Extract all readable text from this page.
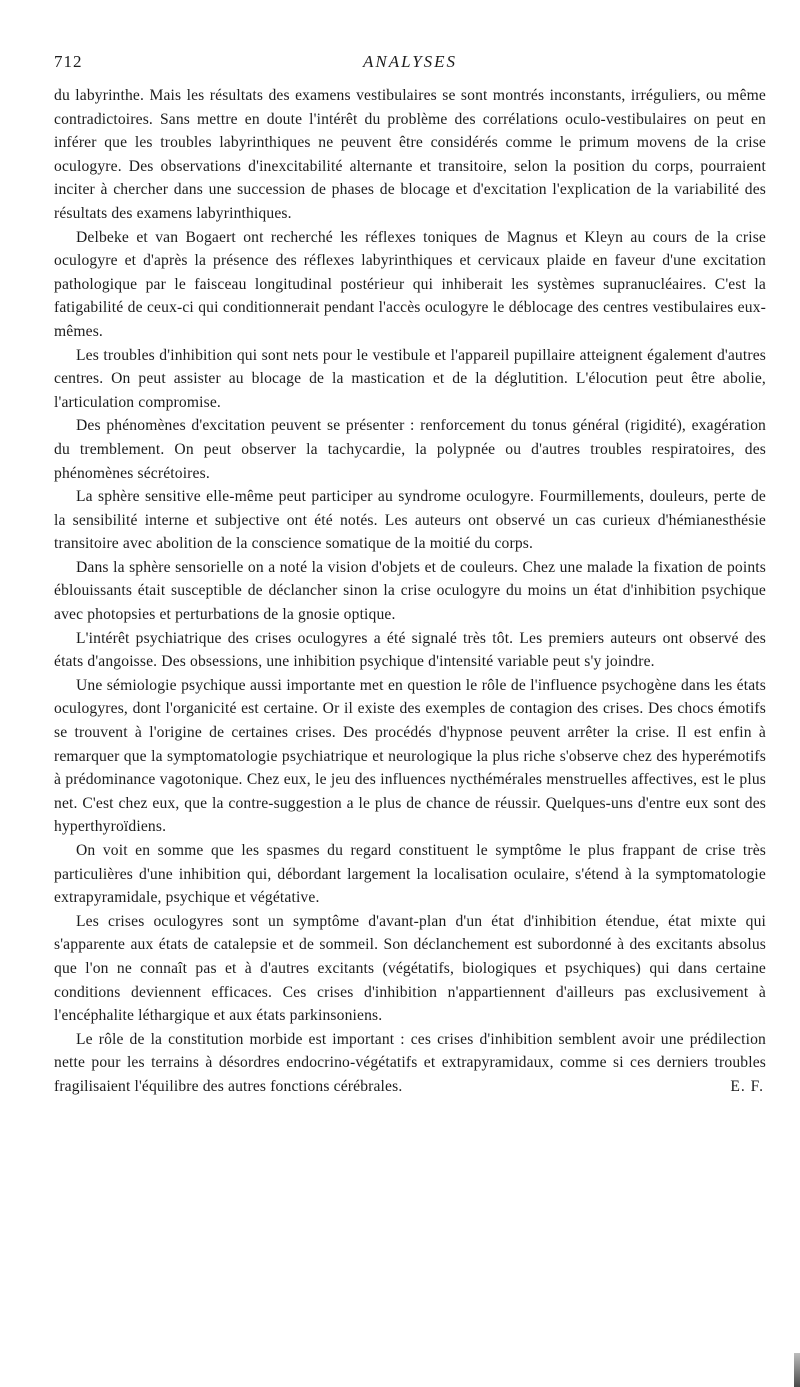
712	ANALYSES

du labyrinthe. Mais les résultats des examens vestibulaires se sont montrés inconstants, irréguliers, ou même contradictoires. Sans mettre en doute l'intérêt du problème des corrélations oculo-vestibulaires on peut en inférer que les troubles labyrinthiques ne peuvent être considérés comme le primum movens de la crise oculogyre. Des observations d'inexcitabilité alternante et transitoire, selon la position du corps, pourraient inciter à chercher dans une succession de phases de blocage et d'excitation l'explication de la variabilité des résultats des examens labyrinthiques.

Delbeke et van Bogaert ont recherché les réflexes toniques de Magnus et Kleyn au cours de la crise oculogyre et d'après la présence des réflexes labyrinthiques et cervicaux plaide en faveur d'une excitation pathologique par le faisceau longitudinal postérieur qui inhiberait les systèmes supranucléaires. C'est la fatigabilité de ceux-ci qui conditionnerait pendant l'accès oculogyre le déblocage des centres vestibulaires eux-mêmes.

Les troubles d'inhibition qui sont nets pour le vestibule et l'appareil pupillaire atteignent également d'autres centres. On peut assister au blocage de la mastication et de la déglutition. L'élocution peut être abolie, l'articulation compromise.

Des phénomènes d'excitation peuvent se présenter : renforcement du tonus général (rigidité), exagération du tremblement. On peut observer la tachycardie, la polypnée ou d'autres troubles respiratoires, des phénomènes sécrétoires.

La sphère sensitive elle-même peut participer au syndrome oculogyre. Fourmillements, douleurs, perte de la sensibilité interne et subjective ont été notés. Les auteurs ont observé un cas curieux d'hémianesthésie transitoire avec abolition de la conscience somatique de la moitié du corps.

Dans la sphère sensorielle on a noté la vision d'objets et de couleurs. Chez une malade la fixation de points éblouissants était susceptible de déclancher sinon la crise oculogyre du moins un état d'inhibition psychique avec photopsies et perturbations de la gnosie optique.

L'intérêt psychiatrique des crises oculogyres a été signalé très tôt. Les premiers auteurs ont observé des états d'angoisse. Des obsessions, une inhibition psychique d'intensité variable peut s'y joindre.

Une sémiologie psychique aussi importante met en question le rôle de l'influence psychogène dans les états oculogyres, dont l'organicité est certaine. Or il existe des exemples de contagion des crises. Des chocs émotifs se trouvent à l'origine de certaines crises. Des procédés d'hypnose peuvent arrêter la crise. Il est enfin à remarquer que la symptomatologie psychiatrique et neurologique la plus riche s'observe chez des hyperémotifs à prédominance vagotonique. Chez eux, le jeu des influences nycthémérales menstruelles affectives, est le plus net. C'est chez eux, que la contre-suggestion a le plus de chance de réussir. Quelques-uns d'entre eux sont des hyperthyroïdiens.

On voit en somme que les spasmes du regard constituent le symptôme le plus frappant de crise très particulières d'une inhibition qui, débordant largement la localisation oculaire, s'étend à la symptomatologie extrapyramidale, psychique et végétative.

Les crises oculogyres sont un symptôme d'avant-plan d'un état d'inhibition étendue, état mixte qui s'apparente aux états de catalepsie et de sommeil. Son déclanchement est subordonné à des excitants absolus que l'on ne connaît pas et à d'autres excitants (végétatifs, biologiques et psychiques) qui dans certaine conditions deviennent efficaces. Ces crises d'inhibition n'appartiennent d'ailleurs pas exclusivement à l'encéphalite léthargique et aux états parkinsoniens.

Le rôle de la constitution morbide est important : ces crises d'inhibition semblent avoir une prédilection nette pour les terrains à désordres endocrino-végétatifs et extrapyramidaux, comme si ces derniers troubles fragilisaient l'équilibre des autres fonctions cérébrales.	E. F.
